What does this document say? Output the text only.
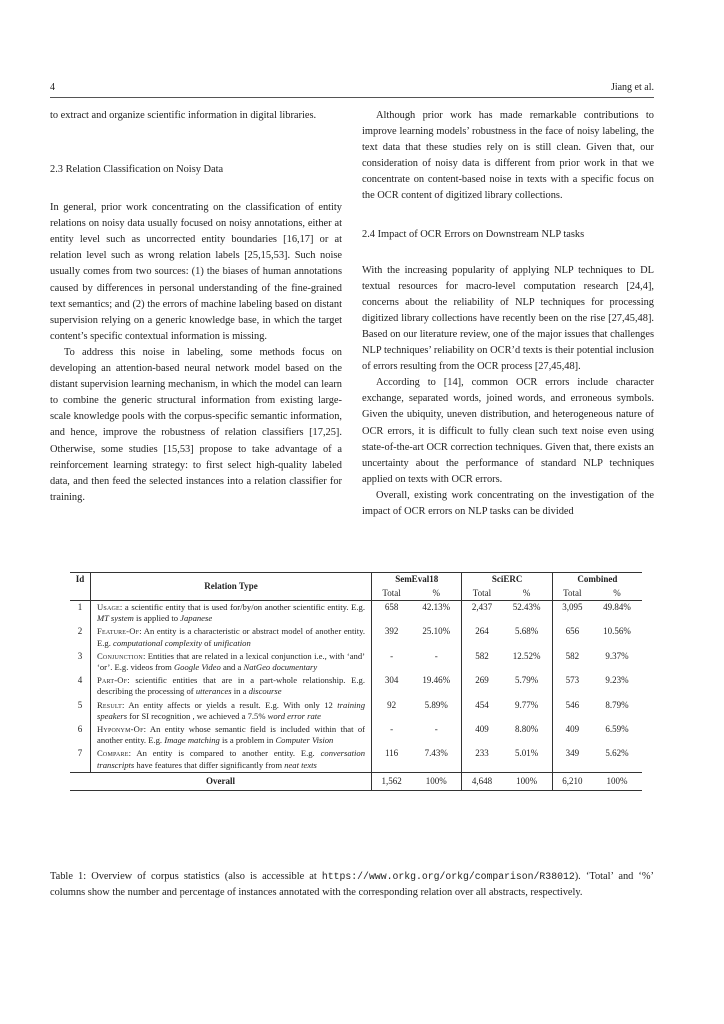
4	Jiang et al.

to extract and organize scientific information in digital libraries.

2.3 Relation Classification on Noisy Data

In general, prior work concentrating on the classification of entity relations on noisy data usually focused on noisy annotations, either at entity level such as uncorrected entity boundaries [16,17] or at relation level such as wrong relation labels [25,15,53]. Such noise usually comes from two sources: (1) the biases of human annotations caused by differences in personal understanding of the fine-grained text semantics; and (2) the errors of machine labeling based on distant supervision relying on a generic knowledge base, in which the target content’s specific contextual information is missing.

To address this noise in labeling, some methods focus on developing an attention-based neural network model based on the distant supervision learning mechanism, in which the model can learn to combine the generic structural information from existing large-scale knowledge pools with the corpus-specific semantic information, and hence, improve the robustness of relation classifiers [17,25]. Otherwise, some studies [15,53] propose to take advantage of a reinforcement learning strategy: to first select high-quality labeled data, and then feed the selected instances into a relation classifier for training.

Although prior work has made remarkable contributions to improve learning models’ robustness in the face of noisy labeling, the text data that these studies rely on is still clean. Given that, our consideration of noisy data is different from prior work in that we concentrate on content-based noise in texts with a specific focus on the OCR content of digitized library collections.

2.4 Impact of OCR Errors on Downstream NLP tasks

With the increasing popularity of applying NLP techniques to DL textual resources for macro-level computation research [24,4], concerns about the reliability of NLP techniques for processing digitized library collections have recently been on the rise [27,45,48]. Based on our literature review, one of the major issues that challenges NLP techniques’ reliability on OCR’d texts is their potential inclusion of errors resulting from the OCR process [27,45,48].

According to [14], common OCR errors include character exchange, separated words, joined words, and erroneous symbols. Given the ubiquity, uneven distribution, and heterogeneous nature of OCR errors, it is difficult to fully clean such text noise even using state-of-the-art OCR correction techniques. Given that, there exists an uncertainty about the performance of standard NLP techniques applied on texts with OCR errors.

Overall, existing work concentrating on the investigation of the impact of OCR errors on NLP tasks can be divided

Id	Relation Type	SemEval18		SciERC		Combined	
		Total	%	Total	%	Total	%
1	Usage: a scientific entity that is used for/by/on another scientific entity. E.g. MT system is applied to Japanese	658	42.13%	2,437	52.43%	3,095	49.84%
2	Feature-Of: An entity is a characteristic or abstract model of another entity. E.g. computational complexity of unification	392	25.10%	264	5.68%	656	10.56%
3	Conjunction: Entities that are related in a lexical conjunction i.e., with ‘and’ ‘or’. E.g. videos from Google Video and a NatGeo documentary	-	-	582	12.52%	582	9.37%
4	Part-Of: scientific entities that are in a part-whole relationship. E.g. describing the processing of utterances in a discourse	304	19.46%	269	5.79%	573	9.23%
5	Result: An entity affects or yields a result. E.g. With only 12 training speakers for SI recognition , we achieved a 7.5% word error rate	92	5.89%	454	9.77%	546	8.79%
6	Hyponym-Of: An entity whose semantic field is included within that of another entity. E.g. Image matching is a problem in Computer Vision	-	-	409	8.80%	409	6.59%
7	Compare: An entity is compared to another entity. E.g. conversation transcripts have features that differ significantly from neat texts	116	7.43%	233	5.01%	349	5.62%
Overall		1,562	100%	4,648	100%	6,210	100%
Table 1: Overview of corpus statistics (also is accessible at https://www.orkg.org/orkg/comparison/R38012). ‘Total’ and ‘%’ columns show the number and percentage of instances annotated with the corresponding relation over all abstracts, respectively.
